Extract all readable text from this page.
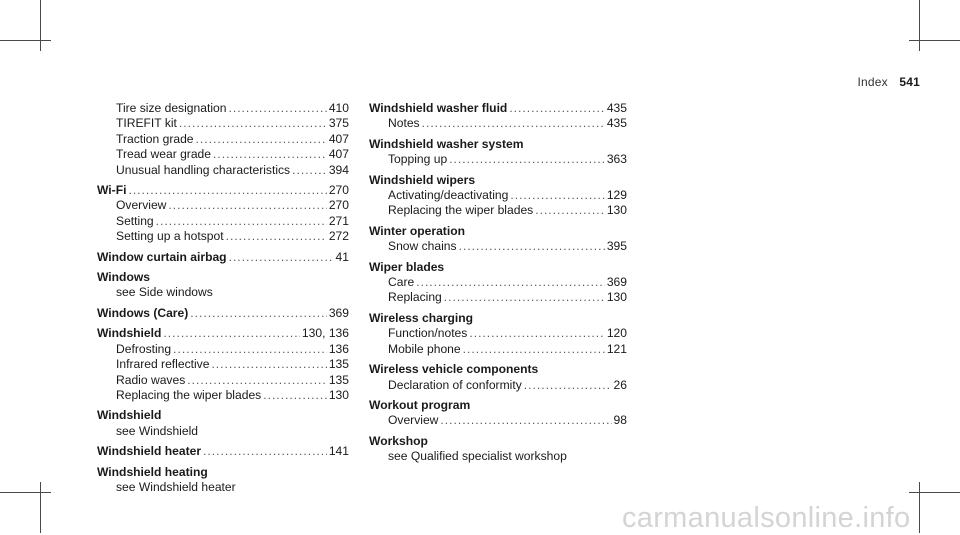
Index 541
Tire size designation .....	410
TIREFIT kit .....	375
Traction grade .....	407
Tread wear grade .....	407
Unusual handling characteristics .....	394
Wi-Fi .....	270
Overview .....	270
Setting .....	271
Setting up a hotspot .....	272
Window curtain airbag .....	41
Windows
see Side windows
Windows (Care) .....	369
Windshield .....	130, 136
Defrosting .....	136
Infrared reflective .....	135
Radio waves .....	135
Replacing the wiper blades .....	130
Windshield
see Windshield
Windshield heater .....	141
Windshield heating
see Windshield heater
Windshield washer fluid .....	435
Notes .....	435
Windshield washer system
Topping up .....	363
Windshield wipers
Activating/deactivating .....	129
Replacing the wiper blades .....	130
Winter operation
Snow chains .....	395
Wiper blades
Care .....	369
Replacing .....	130
Wireless charging
Function/notes .....	120
Mobile phone .....	121
Wireless vehicle components
Declaration of conformity .....	26
Workout program
Overview .....	98
Workshop
see Qualified specialist workshop
carmanualsonline.info
